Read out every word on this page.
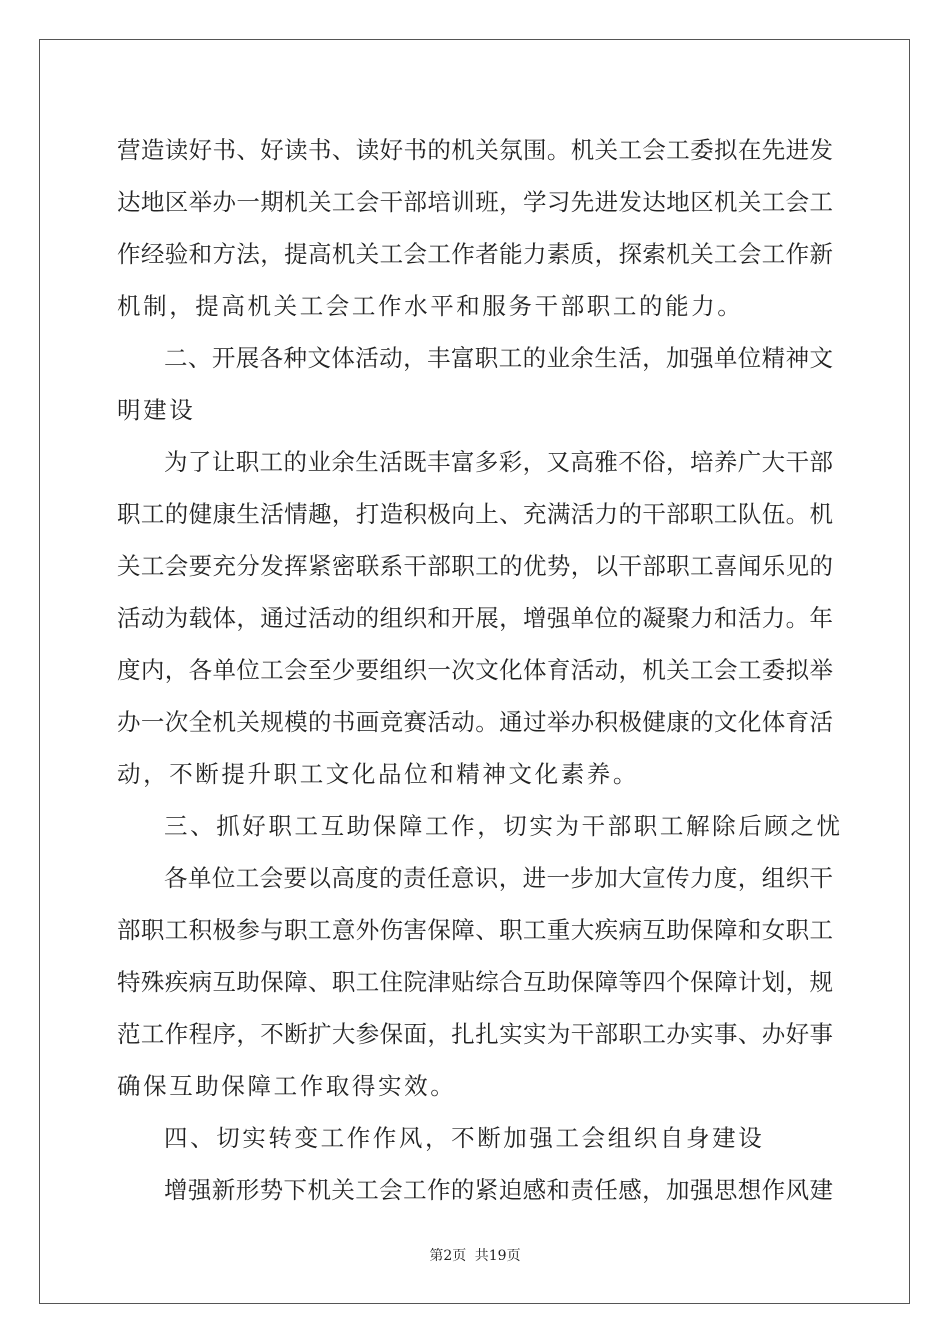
营造读好书、好读书、读好书的机关氛围。机关工会工委拟在先进发
达地区举办一期机关工会干部培训班，学习先进发达地区机关工会工
作经验和方法，提高机关工会工作者能力素质，探索机关工会工作新
机制，提高机关工会工作水平和服务干部职工的能力。
二、开展各种文体活动，丰富职工的业余生活，加强单位精神文
明建设
为了让职工的业余生活既丰富多彩，又高雅不俗，培养广大干部
职工的健康生活情趣，打造积极向上、充满活力的干部职工队伍。机
关工会要充分发挥紧密联系干部职工的优势，以干部职工喜闻乐见的
活动为载体，通过活动的组织和开展，增强单位的凝聚力和活力。年
度内，各单位工会至少要组织一次文化体育活动，机关工会工委拟举
办一次全机关规模的书画竞赛活动。通过举办积极健康的文化体育活
动，不断提升职工文化品位和精神文化素养。
三、抓好职工互助保障工作，切实为干部职工解除后顾之忧
各单位工会要以高度的责任意识，进一步加大宣传力度，组织干
部职工积极参与职工意外伤害保障、职工重大疾病互助保障和女职工
特殊疾病互助保障、职工住院津贴综合互助保障等四个保障计划，规
范工作程序，不断扩大参保面，扎扎实实为干部职工办实事、办好事
确保互助保障工作取得实效。
四、切实转变工作作风，不断加强工会组织自身建设
增强新形势下机关工会工作的紧迫感和责任感，加强思想作风建
第2页 共19页
